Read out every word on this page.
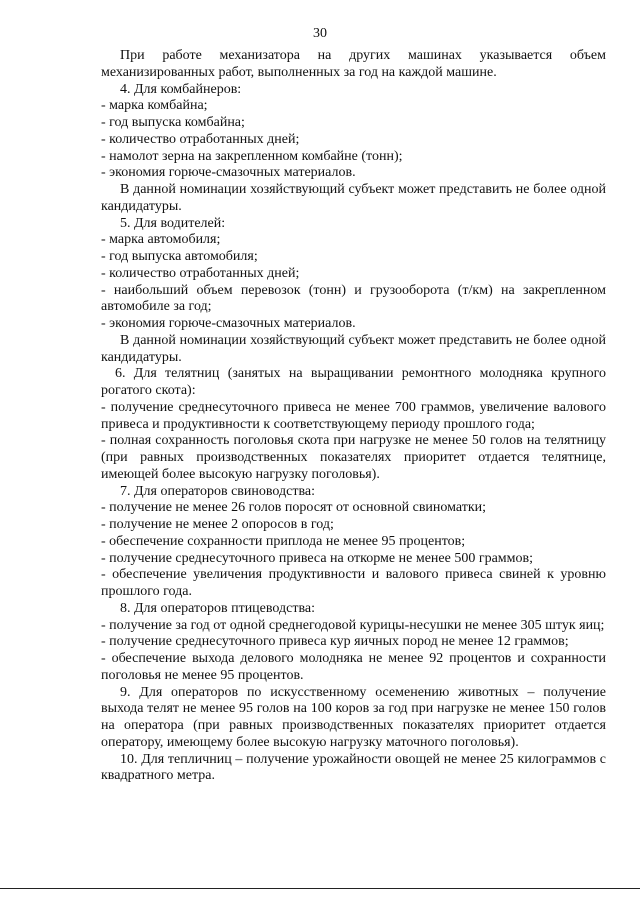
30

При работе механизатора на других машинах указывается объем механизированных работ, выполненных за год на каждой машине.

4. Для комбайнеров:

- марка комбайна;

- год выпуска комбайна;

- количество отработанных дней;

- намолот зерна на закрепленном комбайне (тонн);

- экономия горюче-смазочных материалов.

В данной номинации хозяйствующий субъект может представить не более одной кандидатуры.

5. Для водителей:

- марка автомобиля;

- год выпуска автомобиля;

- количество отработанных дней;

- наибольший объем перевозок (тонн) и грузооборота (т/км) на закрепленном автомобиле за год;

- экономия горюче-смазочных материалов.

В данной номинации хозяйствующий субъект может представить не более одной кандидатуры.

6. Для телятниц (занятых на выращивании ремонтного молодняка крупного рогатого скота):

- получение среднесуточного привеса не менее 700 граммов, увеличение валового привеса и продуктивности к соответствующему периоду прошлого года;

- полная сохранность поголовья скота при нагрузке не менее 50 голов на телятницу (при равных производственных показателях приоритет отдается телятнице, имеющей более высокую нагрузку поголовья).

7. Для операторов свиноводства:

- получение не менее 26 голов поросят от основной свиноматки;

- получение не менее 2 опоросов в год;

- обеспечение сохранности приплода не менее 95 процентов;

- получение среднесуточного привеса на откорме не менее 500 граммов;

- обеспечение увеличения продуктивности и валового привеса свиней к уровню прошлого года.

8. Для операторов птицеводства:

- получение за год от одной среднегодовой курицы-несушки не менее 305 штук яиц;

- получение среднесуточного привеса кур яичных пород не менее 12 граммов;

- обеспечение выхода делового молодняка не менее 92 процентов и сохранности поголовья не менее 95 процентов.

9. Для операторов по искусственному осеменению животных – получение выхода телят не менее 95 голов на 100 коров за год при нагрузке не менее 150 голов на оператора (при равных производственных показателях приоритет отдается оператору, имеющему более высокую нагрузку маточного поголовья).

10. Для тепличниц – получение урожайности овощей не менее 25 килограммов с квадратного метра.
